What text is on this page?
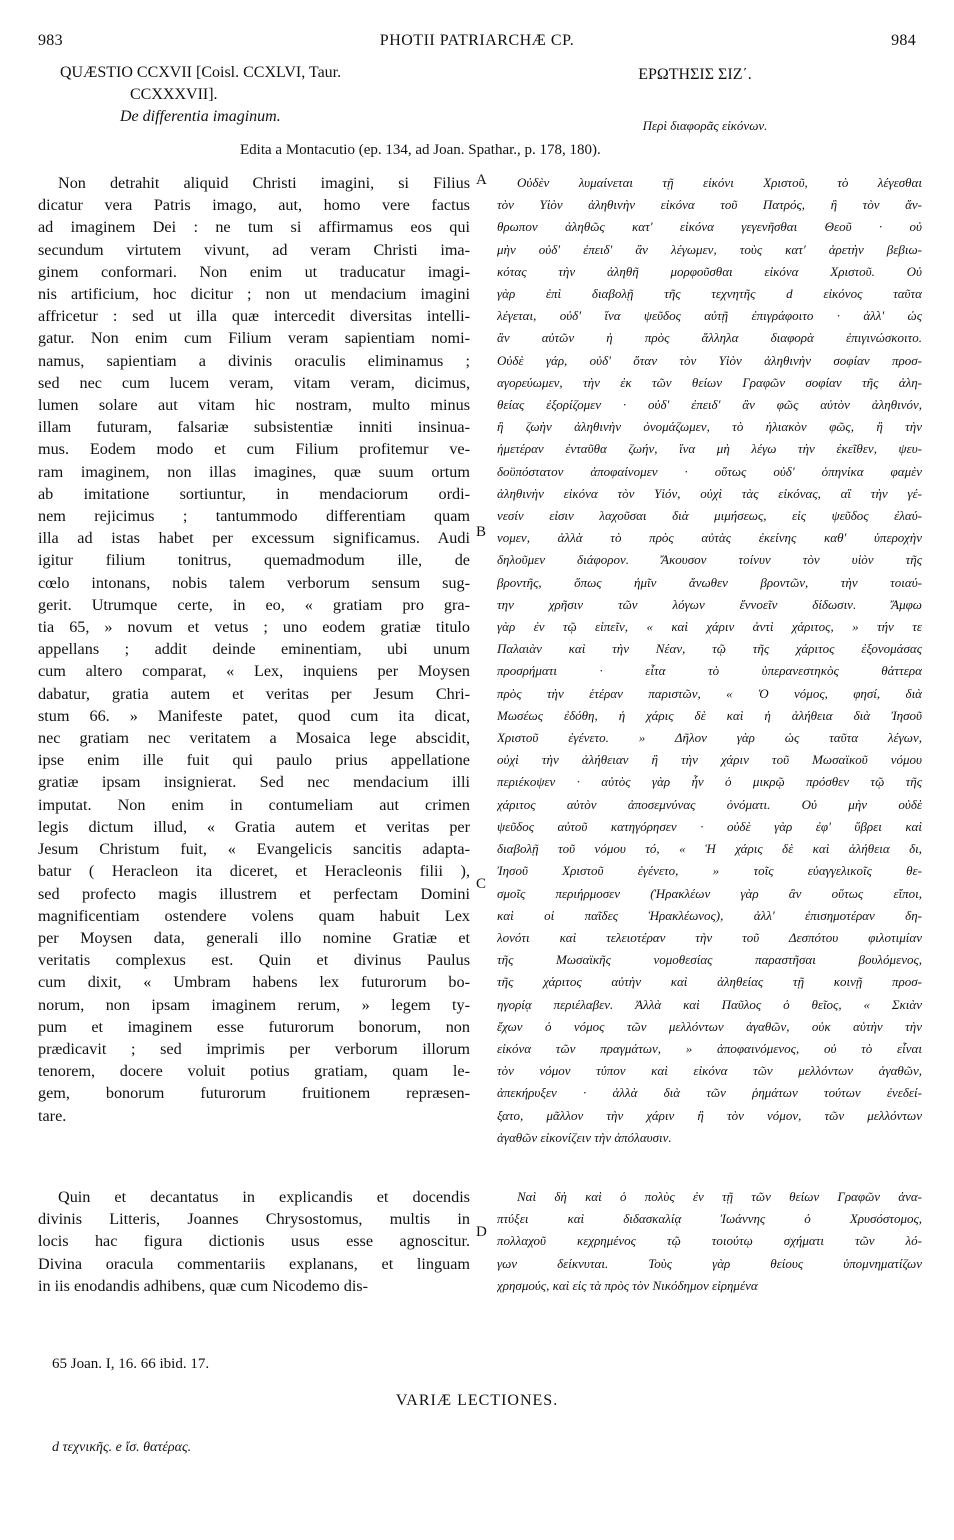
983	PHOTII PATRIARCHÆ CP.	984
QUÆSTIO CCXVII [Coisl. CCXLVI, Taur.
CCXXXVII].
De differentia imaginum.
ΕΡΩΤΗΣΙΣ ΣΙΖ΄.
Περὶ διαφορᾶς εἰκόνων.
Edita a Montacutio (ep. 134, ad Joan. Spathar., p. 178, 180).
A
B
C
D
Non detrahit aliquid Christi imagini, si Filius
dicatur vera Patris imago, aut, homo vere factus
ad imaginem Dei : ne tum si affirmamus eos qui
secundum virtutem vivunt, ad veram Christi ima-
ginem conformari. Non enim ut traducatur imagi-
nis artificium, hoc dicitur ; non ut mendacium imagini
affricetur : sed ut illa quæ intercedit diversitas intelli-
gatur. Non enim cum Filium veram sapientiam nomi-
namus, sapientiam a divinis oraculis eliminamus ;
sed nec cum lucem veram, vitam veram, dicimus,
lumen solare aut vitam hic nostram, multo minus
illam futuram, falsariæ subsistentiæ inniti insinua-
mus. Eodem modo et cum Filium profitemur ve-
ram imaginem, non illas imagines, quæ suum ortum
ab imitatione sortiuntur, in mendaciorum ordi-
nem rejicimus ; tantummodo differentiam quam
illa ad istas habet per excessum significamus. Audi
igitur filium tonitrus, quemadmodum ille, de
cœlo intonans, nobis talem verborum sensum sug-
gerit. Utrumque certe, in eo, « gratiam pro gra-
tia 65, » novum et vetus ; uno eodem gratiæ titulo
appellans ; addit deinde eminentiam, ubi unum
cum altero comparat, « Lex, inquiens per Moysen
dabatur, gratia autem et veritas per Jesum Chri-
stum 66. » Manifeste patet, quod cum ita dicat,
nec gratiam nec veritatem a Mosaica lege abscidit,
ipse enim ille fuit qui paulo prius appellatione
gratiæ ipsam insignierat. Sed nec mendacium illi
imputat. Non enim in contumeliam aut crimen
legis dictum illud, « Gratia autem et veritas per
Jesum Christum fuit, « Evangelicis sancitis adapta-
batur ( Heracleon ita diceret, et Heracleonis filii ),
sed profecto magis illustrem et perfectam Domini
magnificentiam ostendere volens quam habuit Lex
per Moysen data, generali illo nomine Gratiæ et
veritatis complexus est. Quin et divinus Paulus
cum dixit, « Umbram habens lex futurorum bo-
norum, non ipsam imaginem rerum, » legem ty-
pum et imaginem esse futurorum bonorum, non
prædicavit ; sed imprimis per verborum illorum
tenorem, docere voluit potius gratiam, quam le-
gem, bonorum futurorum fruitionem repræsen-
tare.
Οὐδὲν λυμαίνεται τῇ εἰκόνι Χριστοῦ, τὸ λέγεσθαι
τὸν Υἱὸν ἀληθινὴν εἰκόνα τοῦ Πατρός, ἢ τὸν ἄν-
θρωπον ἀληθῶς κατ' εἰκόνα γεγενῆσθαι Θεοῦ · οὐ
μὴν οὐδ' ἐπειδ' ἂν λέγωμεν, τοὺς κατ' ἀρετὴν βεβιω-
κότας τὴν ἀληθῆ μορφοῦσθαι εἰκόνα Χριστοῦ. Οὐ
γὰρ ἐπὶ διαβολῇ τῆς τεχνητῆς d εἰκόνος ταῦτα
λέγεται, οὐδ' ἵνα ψεῦδος αὐτῇ ἐπιγράφοιτο · ἀλλ' ὡς
ἂν αὐτῶν ἡ πρὸς ἄλληλα διαφορὰ ἐπιγινώσκοιτο.
Οὐδὲ γάρ, οὐδ' ὅταν τὸν Υἱὸν ἀληθινὴν σοφίαν προσ-
αγορεύωμεν, τὴν ἐκ τῶν θείων Γραφῶν σοφίαν τῆς ἀλη-
θείας ἐξορίζομεν · οὐδ' ἐπειδ' ἂν φῶς αὐτὸν ἀληθινόν,
ἢ ζωὴν ἀληθινὴν ὀνομάζωμεν, τὸ ἡλιακὸν φῶς, ἢ τὴν
ἡμετέραν ἐνταῦθα ζωήν, ἵνα μὴ λέγω τὴν ἐκεῖθεν, ψευ-
δοϋπόστατον ἀποφαίνομεν · οὕτως οὐδ' ὁπηνίκα φαμὲν
ἀληθινὴν εἰκόνα τὸν Υἱόν, οὐχὶ τὰς εἰκόνας, αἳ τὴν γέ-
νεσίν εἰσιν λαχοῦσαι διὰ μιμήσεως, εἰς ψεῦδος ἐλαύ-
νομεν, ἀλλὰ τὸ πρὸς αὐτὰς ἐκείνης καθ' ὑπεροχὴν
δηλοῦμεν διάφορον. Ἄκουσον τοίνυν τὸν υἱὸν τῆς
βροντῆς, ὅπως ἡμῖν ἄνωθεν βροντῶν, τὴν τοιαύ-
την χρῆσιν τῶν λόγων ἔννοεῖν δίδωσιν. Ἄμφω
γὰρ ἐν τῷ εἰπεῖν, « καὶ χάριν ἀντὶ χάριτος, » τήν τε
Παλαιὰν καὶ τὴν Νέαν, τῷ τῆς χάριτος ἐξονομάσας
προσρήματι · εἶτα τὸ ὑπερανεστηκὸς θάττερα
πρὸς τὴν ἑτέραν παριστῶν, « Ὁ νόμος, φησί, διὰ
Μωσέως ἐδόθη, ἡ χάρις δὲ καὶ ἡ ἀλήθεια διὰ Ἰησοῦ
Χριστοῦ ἐγένετο. » Δῆλον γὰρ ὡς ταῦτα λέγων,
οὐχὶ τὴν ἀλήθειαν ἢ τὴν χάριν τοῦ Μωσαϊκοῦ νόμου
περιέκοψεν · αὐτὸς γὰρ ἦν ὁ μικρῷ πρόσθεν τῷ τῆς
χάριτος αὐτὸν ἀποσεμνύνας ὀνόματι. Οὐ μὴν οὐδὲ
ψεῦδος αὐτοῦ κατηγόρησεν · οὐδὲ γὰρ ἐφ' ὕβρει καὶ
διαβολῇ τοῦ νόμου τό, « Ἡ χάρις δὲ καὶ ἀλήθεια δι,
Ἰησοῦ Χριστοῦ ἐγένετο, » τοῖς εὐαγγελικοῖς θε-
σμοῖς περιήρμοσεν (Ἡρακλέων γὰρ ἂν οὕτως εἴποι,
καὶ οἱ παῖδες Ἡρακλέωνος), ἀλλ' ἐπισημοτέραν δη-
λονότι καὶ τελειοτέραν τὴν τοῦ Δεσπότου φιλοτιμίαν
τῆς Μωσαϊκῆς νομοθεσίας παραστῆσαι βουλόμενος,
τῆς χάριτος αὐτὴν καὶ ἀληθείας τῇ κοινῇ προσ-
ηγορίᾳ περιέλαβεν. Ἀλλὰ καὶ Παῦλος ὁ θεῖος, « Σκιὰν
ἔχων ὁ νόμος τῶν μελλόντων ἀγαθῶν, οὐκ αὐτὴν τὴν
εἰκόνα τῶν πραγμάτων, » ἀποφαινόμενος, οὐ τὸ εἶναι
τὸν νόμον τύπον καὶ εἰκόνα τῶν μελλόντων ἀγαθῶν,
ἀπεκήρυξεν · ἀλλὰ διὰ τῶν ῥημάτων τούτων ἐνεδεί-
ξατο, μᾶλλον τὴν χάριν ἢ τὸν νόμον, τῶν μελλόντων
ἀγαθῶν εἰκονίζειν τὴν ἀπόλαυσιν.
Quin et decantatus in explicandis et docendis
divinis Litteris, Joannes Chrysostomus, multis in
locis hac figura dictionis usus esse agnoscitur.
Divina oracula commentariis explanans, et linguam
in iis enodandis adhibens, quæ cum Nicodemo dis-
Ναὶ δὴ καὶ ὁ πολὺς ἐν τῇ τῶν θείων Γραφῶν ἀνα-
πτύξει καὶ διδασκαλίᾳ Ἰωάννης ὁ Χρυσόστομος,
πολλαχοῦ κεχρημένος τῷ τοιούτῳ σχήματι τῶν λό-
γων δείκνυται. Τοὺς γὰρ θείους ὑπομνηματίζων
χρησμούς, καὶ εἰς τὰ πρὸς τὸν Νικόδημον εἰρημένα
65 Joan. I, 16. 66 ibid. 17.
VARIÆ LECTIONES.
d τεχνικῆς. e ἴσ. θατέρας.
